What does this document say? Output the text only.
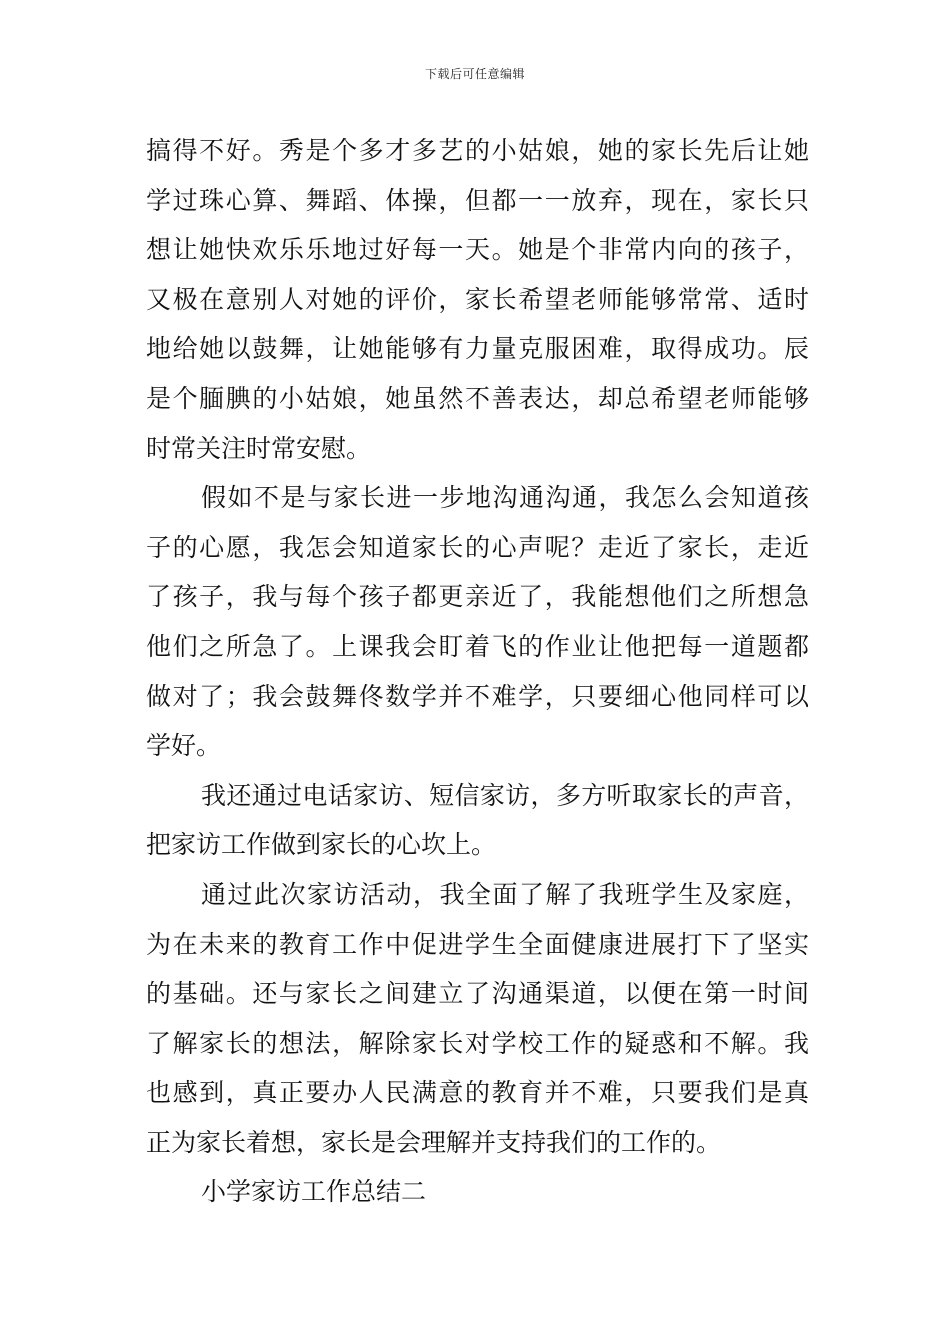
下载后可任意编辑
搞得不好。秀是个多才多艺的小姑娘，她的家长先后让她
学过珠心算、舞蹈、体操，但都一一放弃，现在，家长只
想让她快欢乐乐地过好每一天。她是个非常内向的孩子，
又极在意别人对她的评价，家长希望老师能够常常、适时
地给她以鼓舞，让她能够有力量克服困难，取得成功。辰
是个腼腆的小姑娘，她虽然不善表达，却总希望老师能够
时常关注时常安慰。
假如不是与家长进一步地沟通沟通，我怎么会知道孩
子的心愿，我怎会知道家长的心声呢？走近了家长，走近
了孩子，我与每个孩子都更亲近了，我能想他们之所想急
他们之所急了。上课我会盯着飞的作业让他把每一道题都
做对了；我会鼓舞佟数学并不难学，只要细心他同样可以
学好。
我还通过电话家访、短信家访，多方听取家长的声音，
把家访工作做到家长的心坎上。
通过此次家访活动，我全面了解了我班学生及家庭，
为在未来的教育工作中促进学生全面健康进展打下了坚实
的基础。还与家长之间建立了沟通渠道，以便在第一时间
了解家长的想法，解除家长对学校工作的疑惑和不解。我
也感到，真正要办人民满意的教育并不难，只要我们是真
正为家长着想，家长是会理解并支持我们的工作的。
小学家访工作总结二
